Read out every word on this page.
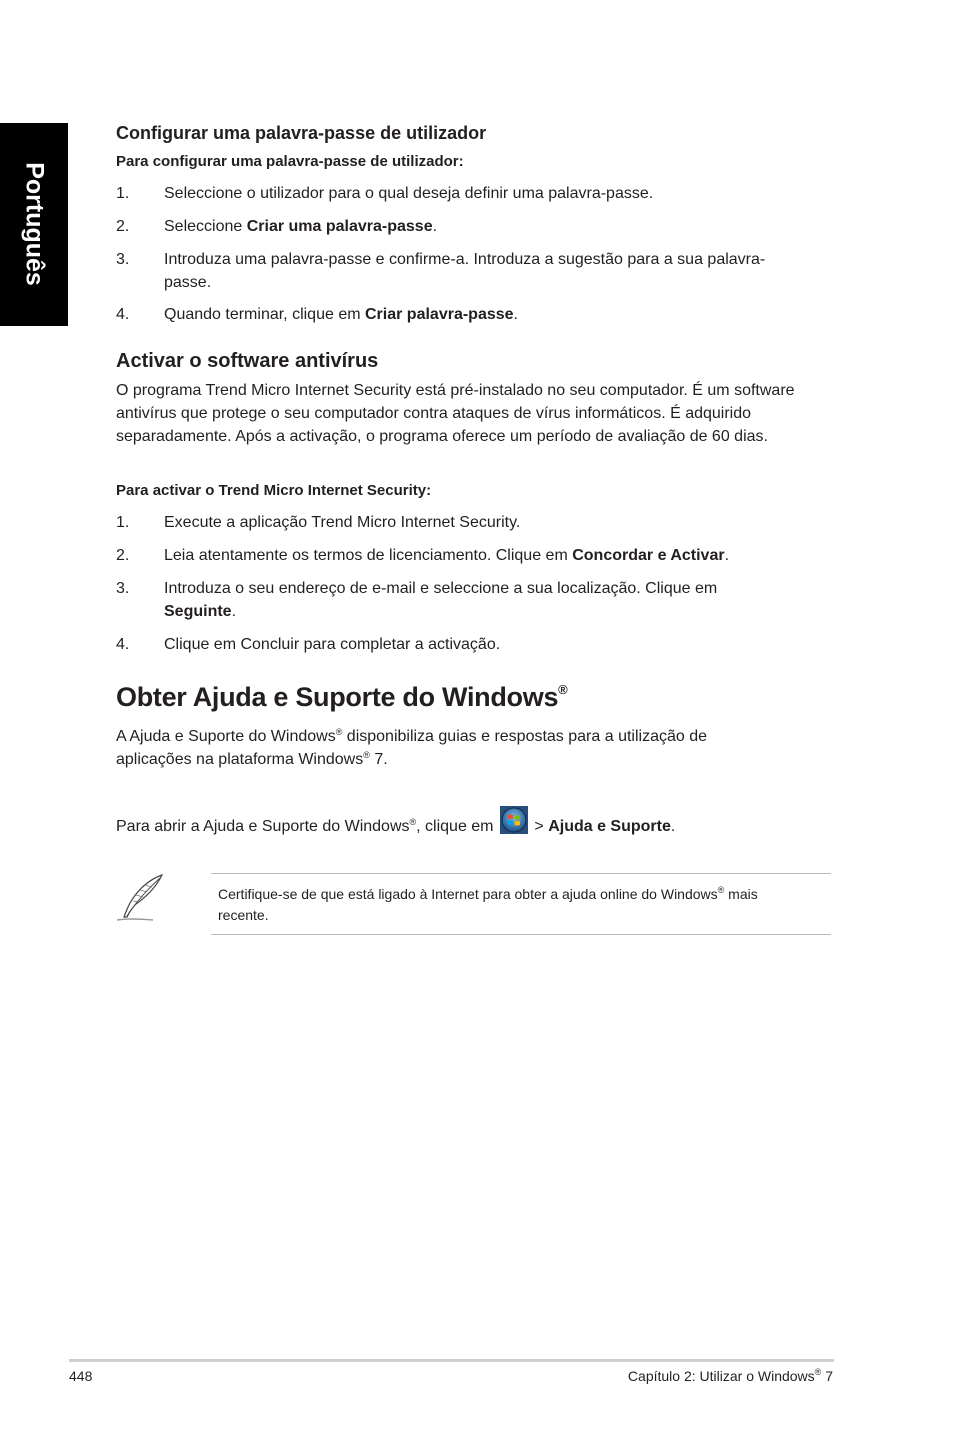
Português
Configurar uma palavra-passe de utilizador

Para configurar uma palavra-passe de utilizador:

1. Seleccione o utilizador para o qual deseja definir uma palavra-passe.
2. Seleccione Criar uma palavra-passe.
3. Introduza uma palavra-passe e confirme-a. Introduza a sugestão para a sua palavra-
passe.
4. Quando terminar, clique em Criar palavra-passe.
Activar o software antivírus

O programa Trend Micro Internet Security está pré-instalado no seu computador. É um software antivírus que protege o seu computador contra ataques de vírus informáticos. É adquirido separadamente. Após a activação, o programa oferece um período de avaliação de 60 dias.

Para activar o Trend Micro Internet Security:

1. Execute a aplicação Trend Micro Internet Security.
2. Leia atentamente os termos de licenciamento. Clique em Concordar e Activar.
3. Introduza o seu endereço de e-mail e seleccione a sua localização. Clique em
Seguinte.
4. Clique em Concluir para completar a activação.
Obter Ajuda e Suporte do Windows®

A Ajuda e Suporte do Windows® disponibiliza guias e respostas para a utilização de
aplicações na plataforma Windows® 7.

Para abrir a Ajuda e Suporte do Windows®, clique em  > Ajuda e Suporte.

Certifique-se de que está ligado à Internet para obter a ajuda online do Windows® mais
recente.
448	Capítulo 2: Utilizar o Windows® 7
